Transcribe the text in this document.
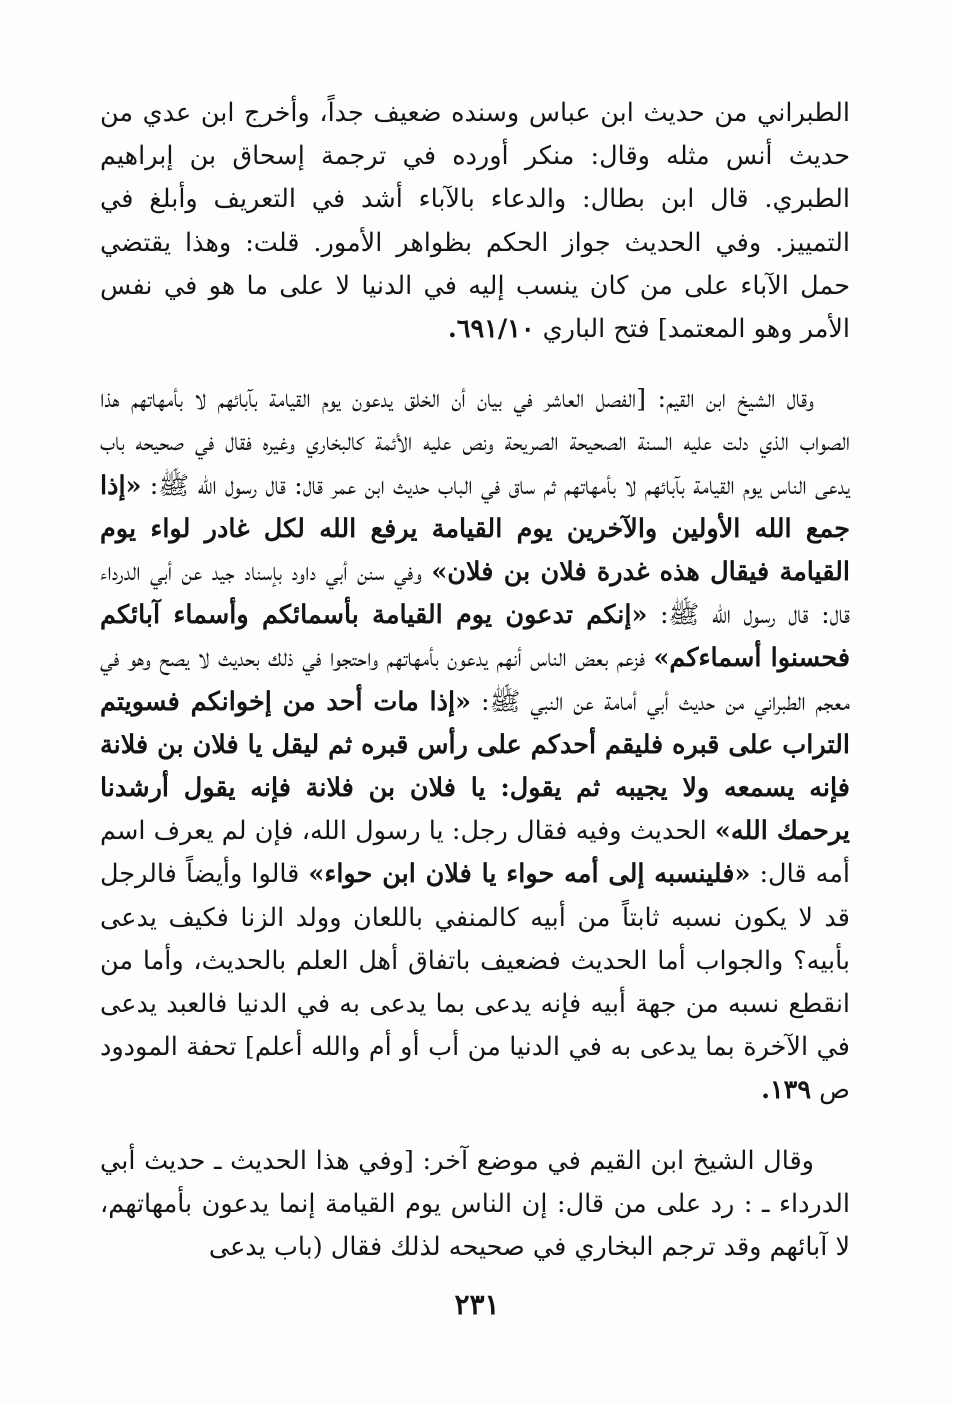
الطبراني من حديث ابن عباس وسنده ضعيف جداً، وأخرج ابن عدي من حديث أنس مثله وقال: منكر أورده في ترجمة إسحاق بن إبراهيم الطبري. قال ابن بطال: والدعاء بالآباء أشد في التعريف وأبلغ في التمييز. وفي الحديث جواز الحكم بظواهر الأمور. قلت: وهذا يقتضي حمل الآباء على من كان ينسب إليه في الدنيا لا على ما هو في نفس الأمر وهو المعتمد] فتح الباري ٦٩١/١٠.

وقال الشيخ ابن القيم: [الفصل العاشر في بيان أن الخلق يدعون يوم القيامة بآبائهم لا بأمهاتهم هذا الصواب الذي دلت عليه السنة الصحيحة الصريحة ونص عليه الأئمة كالبخاري وغيره فقال في صحيحه باب يدعى الناس يوم القيامة بآبائهم لا بأمهاتهم ثم ساق في الباب حديث ابن عمر قال: قال رسول الله ﷺ: «إذا جمع الله الأولين والآخرين يوم القيامة يرفع الله لكل غادر لواء يوم القيامة فيقال هذه غدرة فلان بن فلان» وفي سنن أبي داود بإسناد جيد عن أبي الدرداء قال: قال رسول الله ﷺ: «إنكم تدعون يوم القيامة بأسمائكم وأسماء آبائكم فحسنوا أسماءكم» فزعم بعض الناس أنهم يدعون بأمهاتهم واحتجوا في ذلك بحديث لا يصح وهو في معجم الطبراني من حديث أبي أمامة عن النبي ﷺ: «إذا مات أحد من إخوانكم فسويتم التراب على قبره فليقم أحدكم على رأس قبره ثم ليقل يا فلان بن فلانة فإنه يسمعه ولا يجيبه ثم يقول: يا فلان بن فلانة فإنه يقول أرشدنا يرحمك الله» الحديث وفيه فقال رجل: يا رسول الله، فإن لم يعرف اسم أمه قال: «فلينسبه إلى أمه حواء يا فلان ابن حواء» قالوا وأيضاً فالرجل قد لا يكون نسبه ثابتاً من أبيه كالمنفي باللعان وولد الزنا فكيف يدعى بأبيه؟ والجواب أما الحديث فضعيف باتفاق أهل العلم بالحديث، وأما من انقطع نسبه من جهة أبيه فإنه يدعى بما يدعى به في الدنيا فالعبد يدعى في الآخرة بما يدعى به في الدنيا من أب أو أم والله أعلم] تحفة المودود ص ١٣٩.

وقال الشيخ ابن القيم في موضع آخر: [وفي هذا الحديث ـ حديث أبي الدرداء ـ : رد على من قال: إن الناس يوم القيامة إنما يدعون بأمهاتهم، لا آبائهم وقد ترجم البخاري في صحيحه لذلك فقال (باب يدعى

٢٣١
